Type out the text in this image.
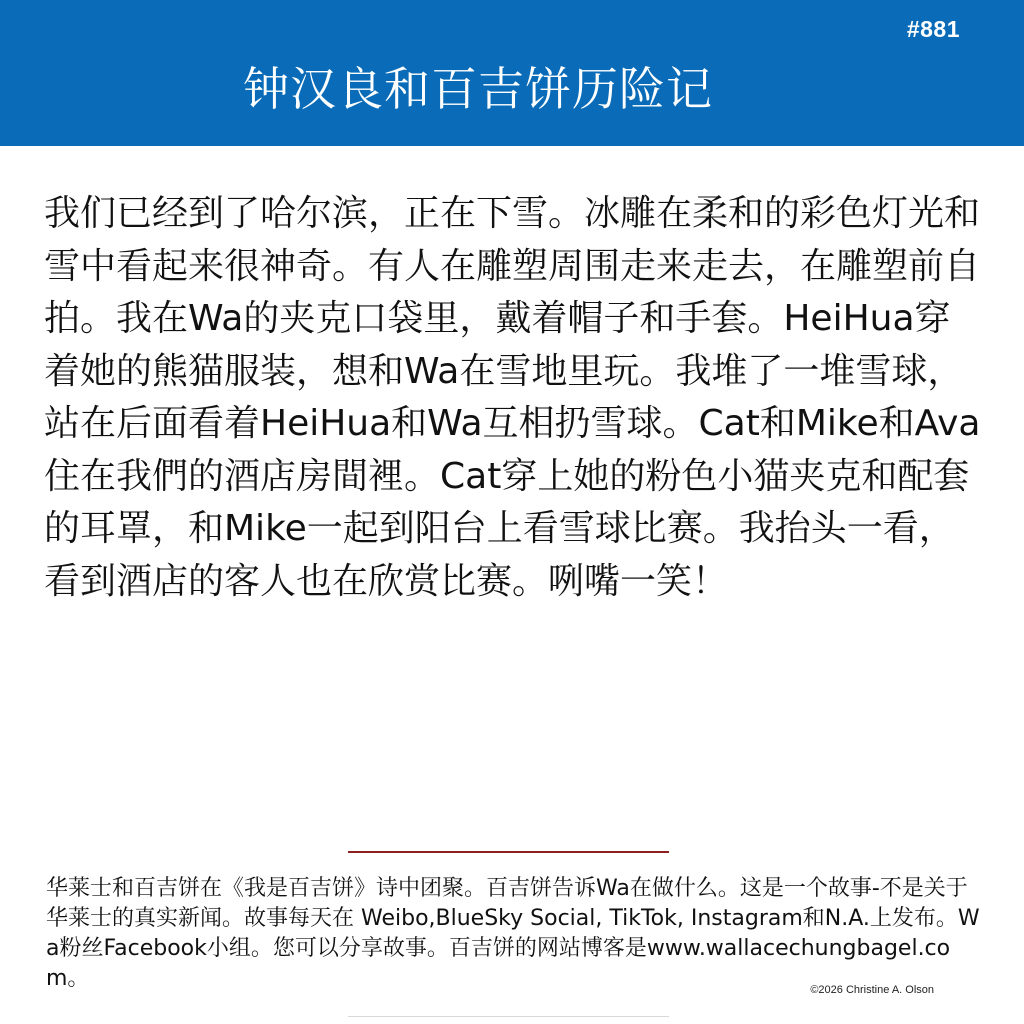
#881
钟汉良和百吉饼历险记

我们已经到了哈尔滨，正在下雪。冰雕在柔和的彩色灯光和雪中看起来很神奇。有人在雕塑周围走来走去，在雕塑前自拍。我在Wa的夹克口袋里，戴着帽子和手套。HeiHua穿着她的熊猫服装，想和Wa在雪地里玩。我堆了一堆雪球，站在后面看着HeiHua和Wa互相扔雪球。Cat和Mike和Ava住在我們的酒店房間裡。Cat穿上她的粉色小猫夹克和配套的耳罩，和Mike一起到阳台上看雪球比赛。我抬头一看，看到酒店的客人也在欣赏比赛。咧嘴一笑！

华莱士和百吉饼在《我是百吉饼》诗中团聚。百吉饼告诉Wa在做什么。这是一个故事-不是关于华莱士的真实新闻。故事每天在 Weibo,BlueSky Social, TikTok, Instagram和N.A.上发布。Wa粉丝Facebook小组。您可以分享故事。百吉饼的网站博客是www.wallacechungbagel.com。	©2026 Christine A. Olson
